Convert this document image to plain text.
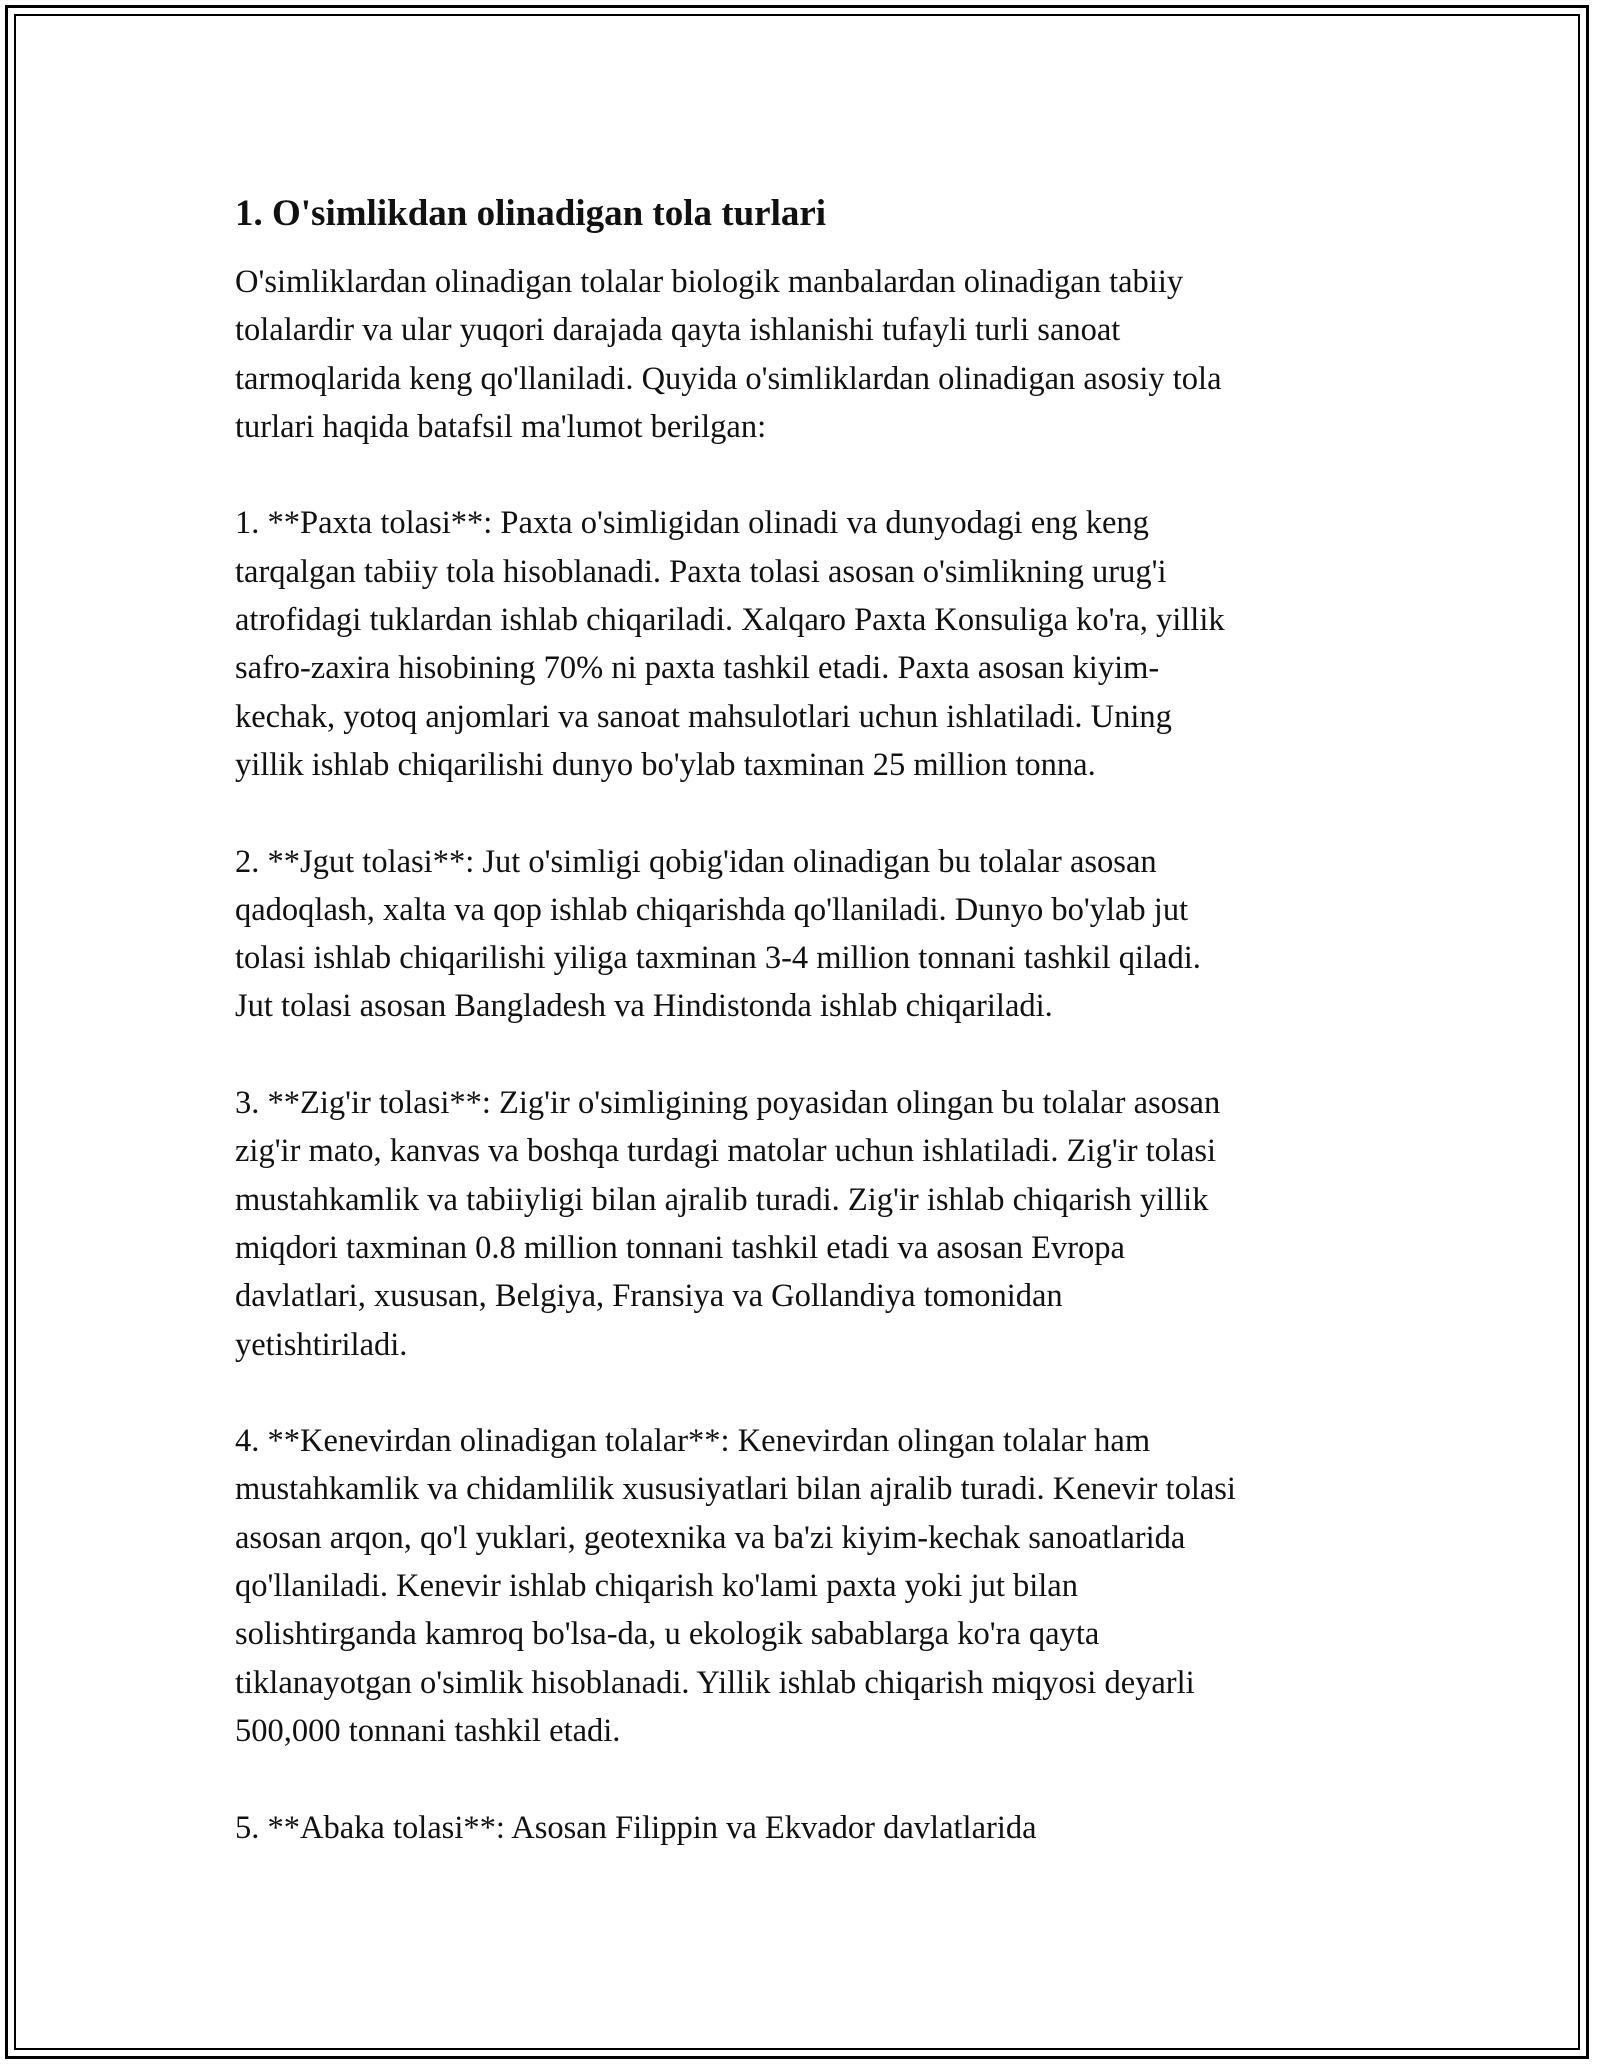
1. O'simlikdan olinadigan tola turlari

O'simliklardan olinadigan tolalar biologik manbalardan olinadigan tabiiy
tolalardir va ular yuqori darajada qayta ishlanishi tufayli turli sanoat
tarmoqlarida keng qo'llaniladi. Quyida o'simliklardan olinadigan asosiy tola
turlari haqida batafsil ma'lumot berilgan:

1. **Paxta tolasi**: Paxta o'simligidan olinadi va dunyodagi eng keng
tarqalgan tabiiy tola hisoblanadi. Paxta tolasi asosan o'simlikning urug'i
atrofidagi tuklardan ishlab chiqariladi. Xalqaro Paxta Konsuliga ko'ra, yillik
safro-zaxira hisobining 70% ni paxta tashkil etadi. Paxta asosan kiyim-
kechak, yotoq anjomlari va sanoat mahsulotlari uchun ishlatiladi. Uning
yillik ishlab chiqarilishi dunyo bo'ylab taxminan 25 million tonna.

2. **Jgut tolasi**: Jut o'simligi qobig'idan olinadigan bu tolalar asosan
qadoqlash, xalta va qop ishlab chiqarishda qo'llaniladi. Dunyo bo'ylab jut
tolasi ishlab chiqarilishi yiliga taxminan 3-4 million tonnani tashkil qiladi.
Jut tolasi asosan Bangladesh va Hindistonda ishlab chiqariladi.

3. **Zig'ir tolasi**: Zig'ir o'simligining poyasidan olingan bu tolalar asosan
zig'ir mato, kanvas va boshqa turdagi matolar uchun ishlatiladi. Zig'ir tolasi
mustahkamlik va tabiiyligi bilan ajralib turadi. Zig'ir ishlab chiqarish yillik
miqdori taxminan 0.8 million tonnani tashkil etadi va asosan Evropa
davlatlari, xususan, Belgiya, Fransiya va Gollandiya tomonidan
yetishtiriladi.

4. **Kenevirdan olinadigan tolalar**: Kenevirdan olingan tolalar ham
mustahkamlik va chidamlilik xususiyatlari bilan ajralib turadi. Kenevir tolasi
asosan arqon, qo'l yuklari, geotexnika va ba'zi kiyim-kechak sanoatlarida
qo'llaniladi. Kenevir ishlab chiqarish ko'lami paxta yoki jut bilan
solishtirganda kamroq bo'lsa-da, u ekologik sabablarga ko'ra qayta
tiklanayotgan o'simlik hisoblanadi. Yillik ishlab chiqarish miqyosi deyarli
500,000 tonnani tashkil etadi.

5. **Abaka tolasi**: Asosan Filippin va Ekvador davlatlarida
